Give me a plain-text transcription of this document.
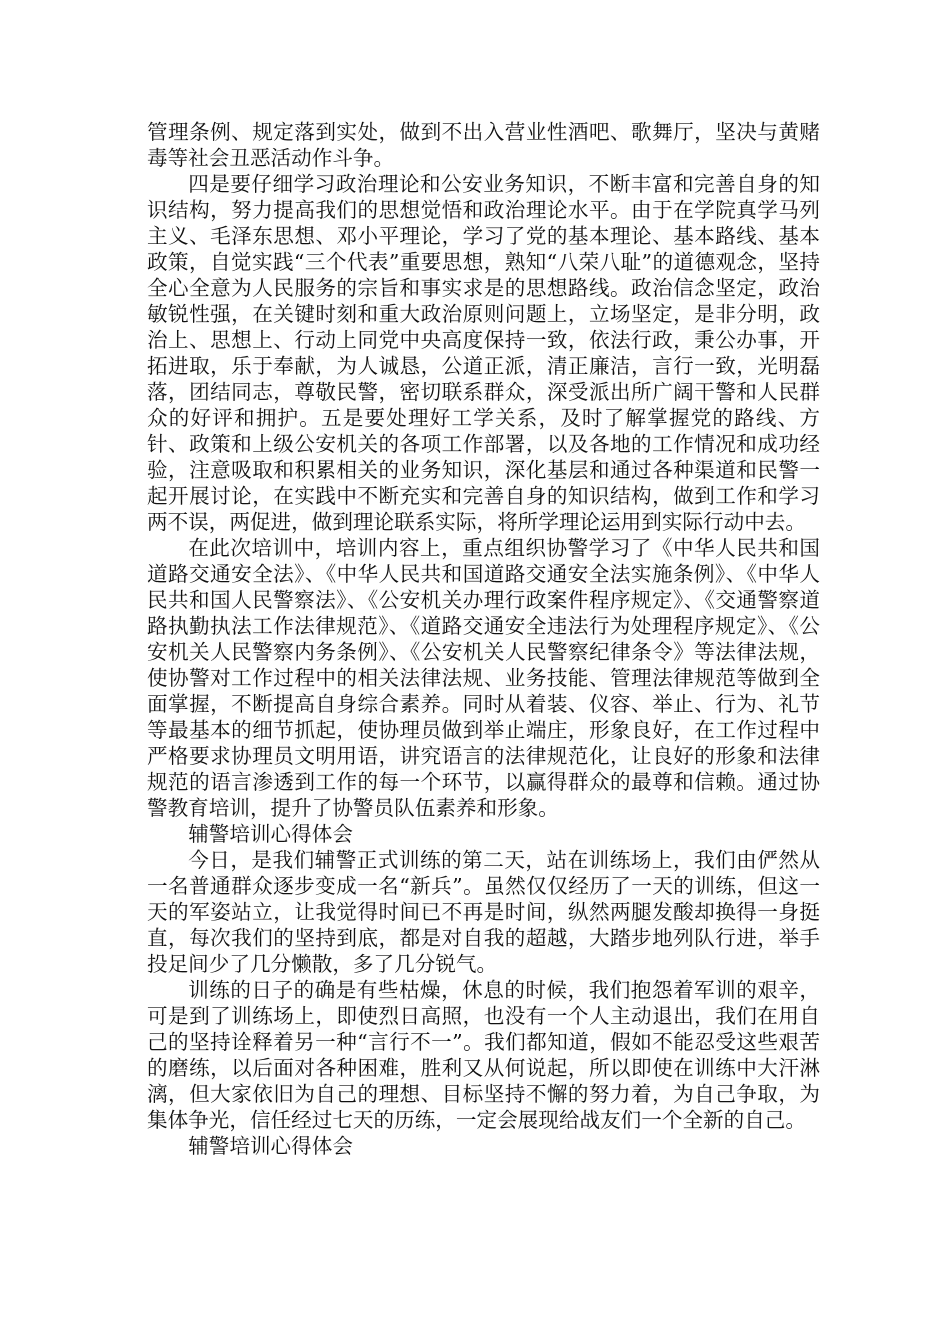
管理条例、规定落到实处，做到不出入营业性酒吧、歌舞厅，坚决与黄赌毒等社会丑恶活动作斗争。

四是要仔细学习政治理论和公安业务知识，不断丰富和完善自身的知识结构，努力提高我们的思想觉悟和政治理论水平。由于在学院真学马列主义、毛泽东思想、邓小平理论，学习了党的基本理论、基本路线、基本政策，自觉实践“三个代表”重要思想，熟知“八荣八耻”的道德观念，坚持全心全意为人民服务的宗旨和事实求是的思想路线。政治信念坚定，政治敏锐性强，在关键时刻和重大政治原则问题上，立场坚定，是非分明，政治上、思想上、行动上同党中央高度保持一致，依法行政，秉公办事，开拓进取，乐于奉献，为人诚恳，公道正派，清正廉洁，言行一致，光明磊落，团结同志，尊敬民警，密切联系群众，深受派出所广阔干警和人民群众的好评和拥护。五是要处理好工学关系，及时了解掌握党的路线、方针、政策和上级公安机关的各项工作部署，以及各地的工作情况和成功经验，注意吸取和积累相关的业务知识，深化基层和通过各种渠道和民警一起开展讨论，在实践中不断充实和完善自身的知识结构，做到工作和学习两不误，两促进，做到理论联系实际，将所学理论运用到实际行动中去。

在此次培训中，培训内容上，重点组织协警学习了《中华人民共和国道路交通安全法》、《中华人民共和国道路交通安全法实施条例》、《中华人民共和国人民警察法》、《公安机关办理行政案件程序规定》、《交通警察道路执勤执法工作法律规范》、《道路交通安全违法行为处理程序规定》、《公安机关人民警察内务条例》、《公安机关人民警察纪律条令》等法律法规，使协警对工作过程中的相关法律法规、业务技能、管理法律规范等做到全面掌握，不断提高自身综合素养。同时从着装、仪容、举止、行为、礼节等最基本的细节抓起，使协理员做到举止端庄，形象良好，在工作过程中严格要求协理员文明用语，讲究语言的法律规范化，让良好的形象和法律规范的语言渗透到工作的每一个环节，以赢得群众的最尊和信赖。通过协警教育培训，提升了协警员队伍素养和形象。

辅警培训心得体会

今日，是我们辅警正式训练的第二天，站在训练场上，我们由俨然从一名普通群众逐步变成一名“新兵”。虽然仅仅经历了一天的训练，但这一天的军姿站立，让我觉得时间已不再是时间，纵然两腿发酸却换得一身挺直，每次我们的坚持到底，都是对自我的超越，大踏步地列队行进，举手投足间少了几分懒散，多了几分锐气。

训练的日子的确是有些枯燥，休息的时候，我们抱怨着军训的艰辛，可是到了训练场上，即使烈日高照，也没有一个人主动退出，我们在用自己的坚持诠释着另一种“言行不一”。我们都知道，假如不能忍受这些艰苦的磨练，以后面对各种困难，胜利又从何说起，所以即使在训练中大汗淋漓，但大家依旧为自己的理想、目标坚持不懈的努力着，为自己争取，为集体争光，信任经过七天的历练，一定会展现给战友们一个全新的自己。

辅警培训心得体会
